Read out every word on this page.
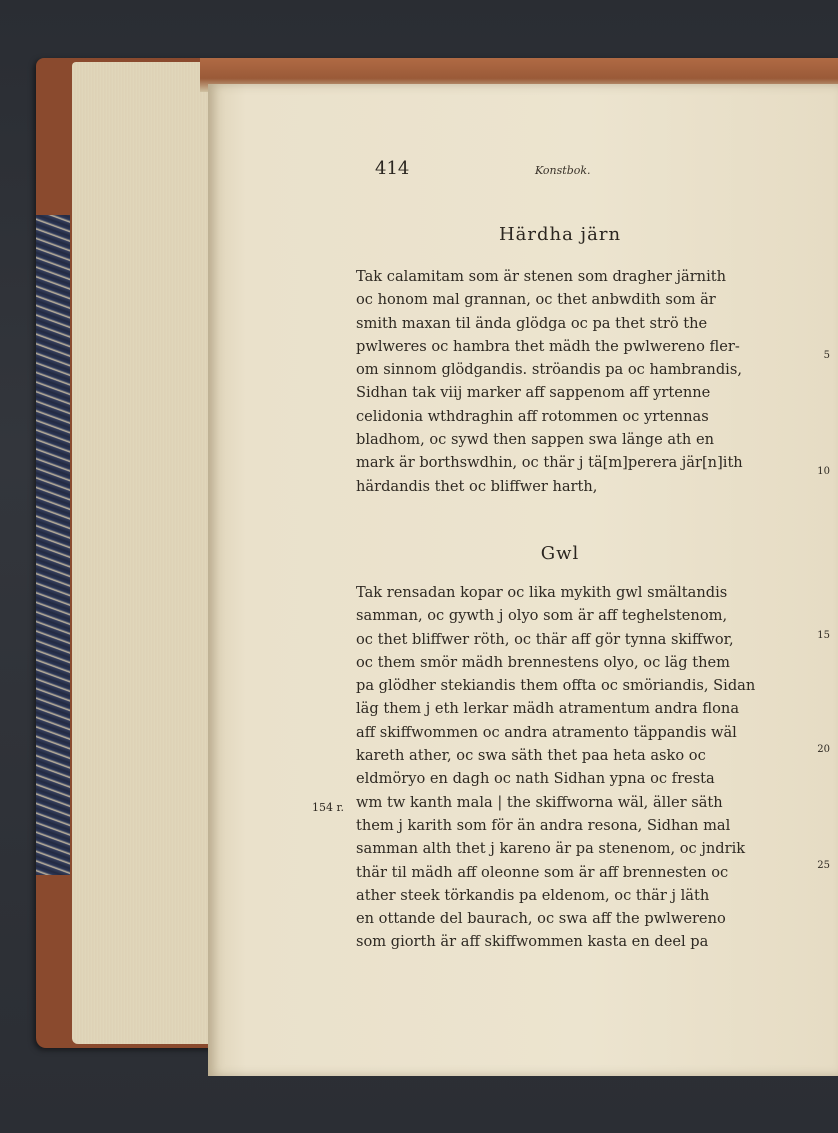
414	Konstbok.
Härdha järn
Tak calamitam som är stenen som dragher järnith
oc honom mal grannan, oc thet anbwdith som är
smith maxan til ända glödga oc pa thet strö the
pwlweres oc hambra thet mädh the pwlwereno fler-
om sinnom glödgandis. ströandis pa oc hambrandis,
Sidhan tak viij marker aff sappenom aff yrtenne
celidonia wthdraghin aff rotommen oc yrtennas
bladhom, oc sywd then sappen swa länge ath en
mark är borthswdhin, oc thär j tä[m]perera jär[n]ith
härdandis thet oc bliffwer harth,
Gwl
Tak rensadan kopar oc lika mykith gwl smältandis
samman, oc gywth j olyo som är aff teghelstenom,
oc thet bliffwer röth, oc thär aff gör tynna skiffwor,
oc them smör mädh brennestens olyo, oc läg them
pa glödher stekiandis them offta oc smöriandis, Sidan
läg them j eth lerkar mädh atramentum andra flona
aff skiffwommen oc andra atramento täppandis wäl
kareth ather, oc swa säth thet paa heta asko oc
eldmöryo en dagh oc nath Sidhan ypna oc fresta
wm tw kanth mala | the skiffworna wäl, äller säth
them j karith som för än andra resona, Sidhan mal
samman alth thet j kareno är pa stenenom, oc jndrik
thär til mädh aff oleonne som är aff brennesten oc
ather steek törkandis pa eldenom, oc thär j läth
en ottande del baurach, oc swa aff the pwlwereno
som giorth är aff skiffwommen kasta en deel pa
5
10
15
20
25
154 r.
